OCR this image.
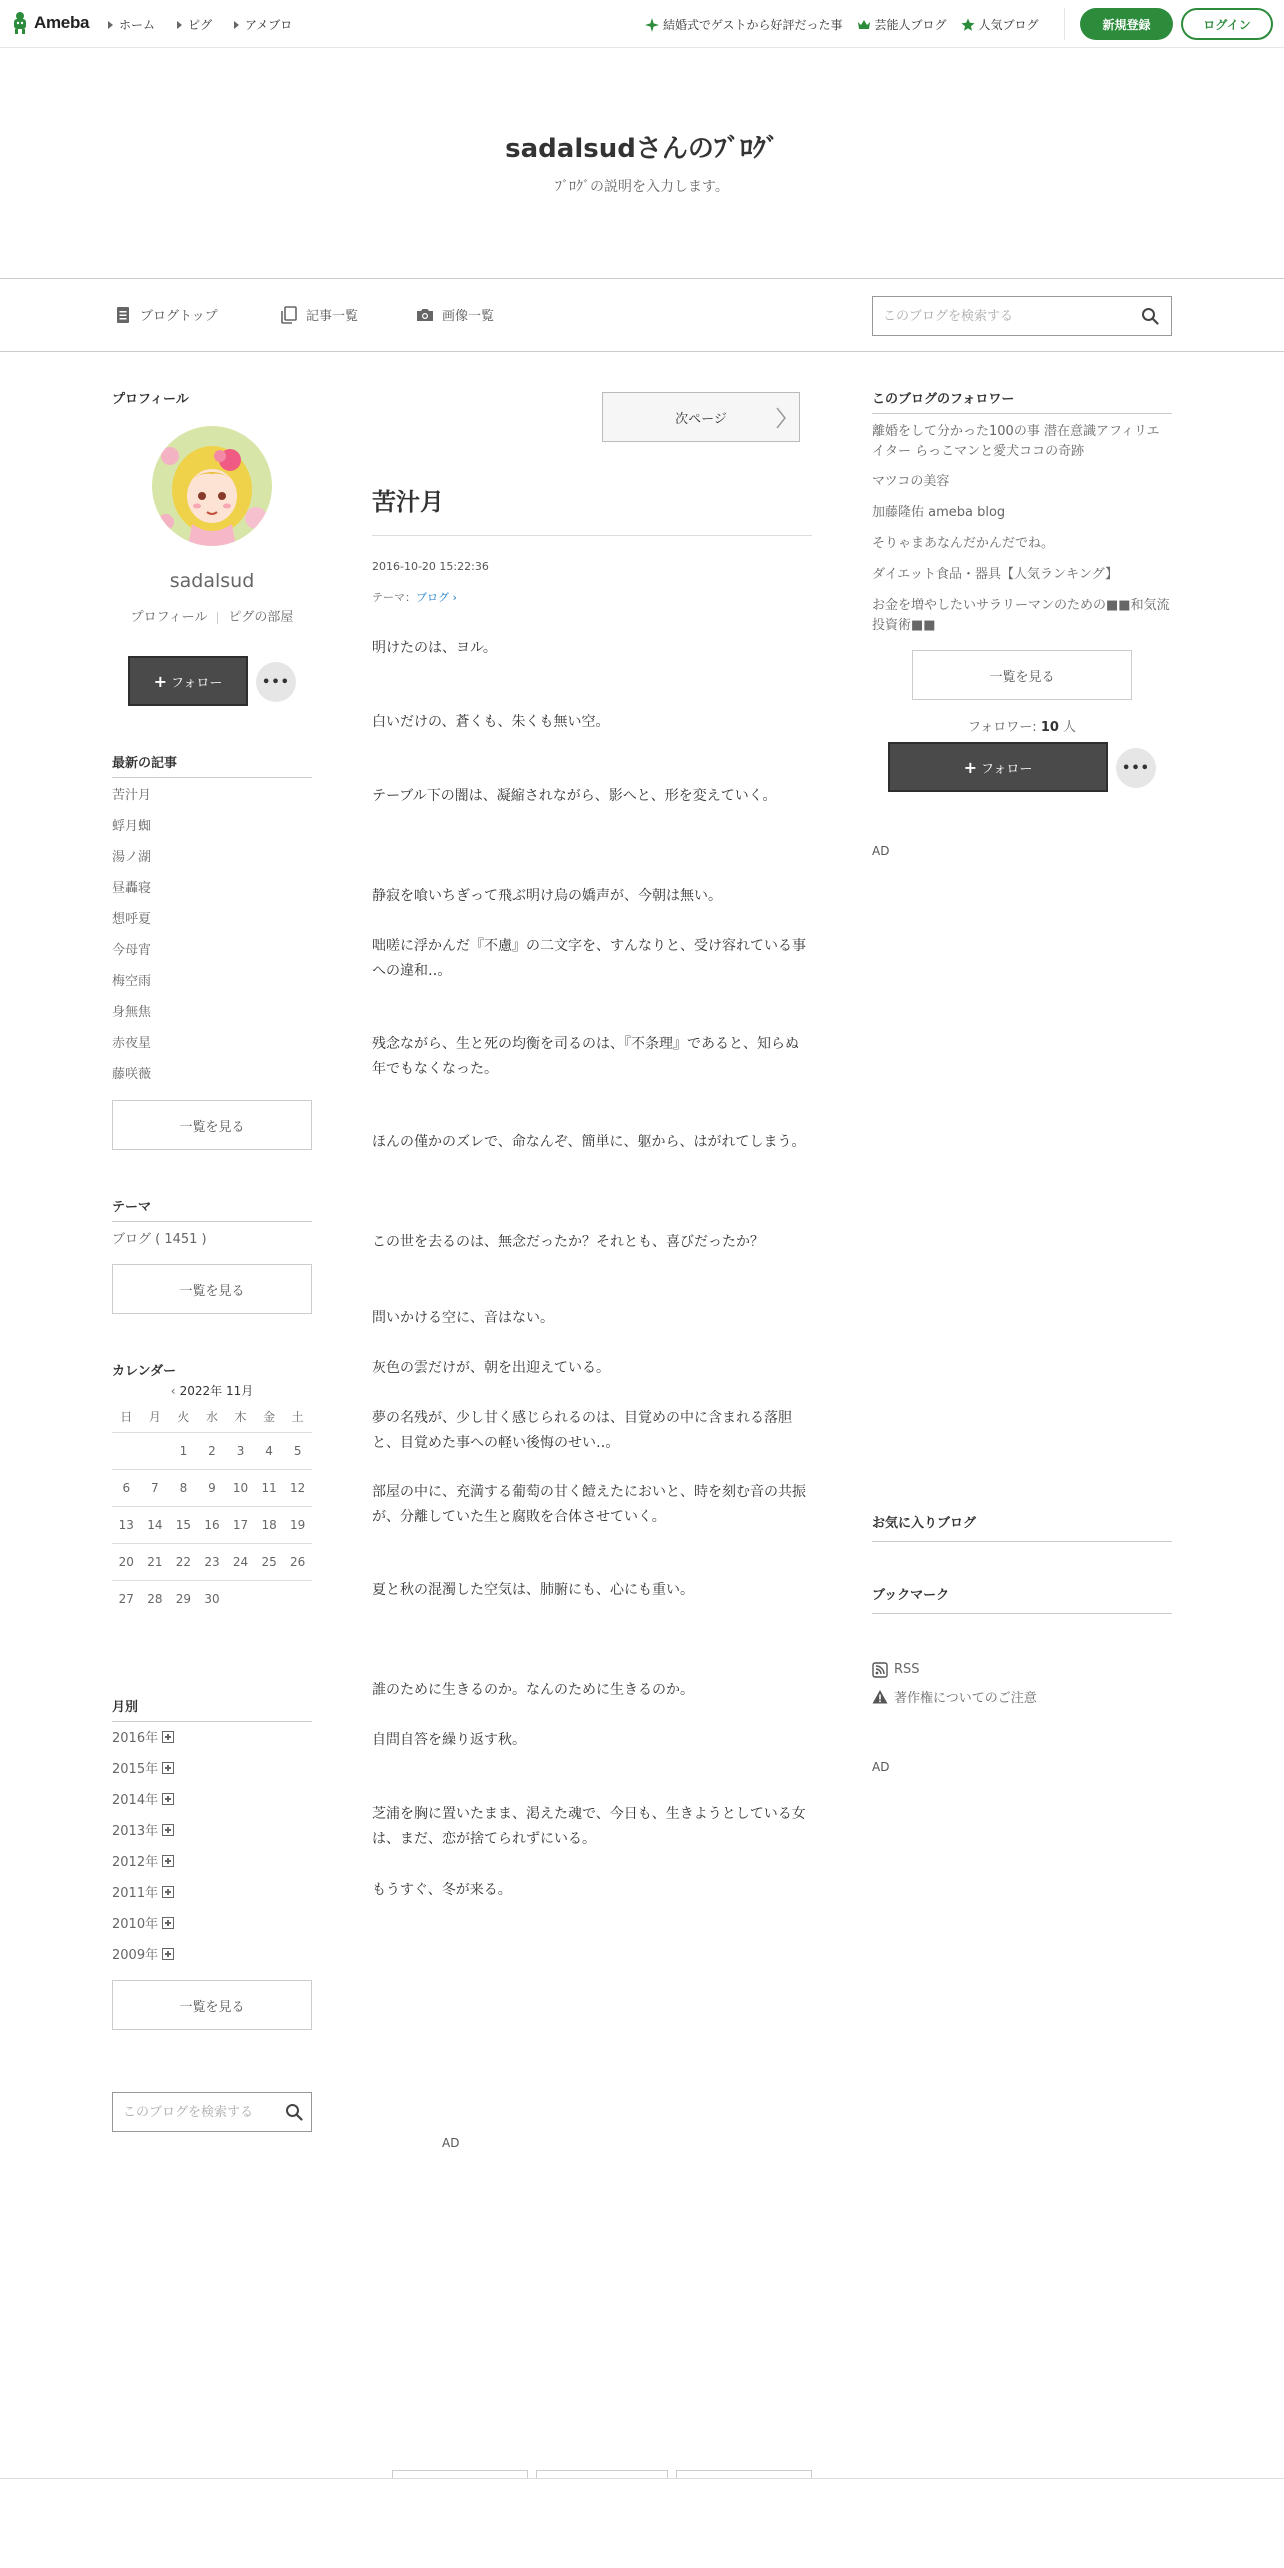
Ameba ホーム	ピグ	アメブロ	結婚式でゲストから好評だった事	芸能人ブログ	人気ブログ	新規登録	ログイン
sadalsudさんのﾌﾞﾛｸﾞ
ﾌﾞﾛｸﾞの説明を入力します。
ブログトップ	記事一覧	画像一覧
このブログを検索する
プロフィール
sadalsud
プロフィール ピグの部屋
+ フォロー	•••
最新の記事
苦汁月
蜉月蜘
湯ノ湖
昼轟寝
想呼夏
今母宵
梅空雨
身無焦
赤夜星
藤咲薇
一覧を見る
テーマ
ブログ ( 1451 )
一覧を見る
カレンダー
‹ 2022年 11月
日	月	火	水	木	金	土
		1	2	3	4	5
6	7	8	9	10	11	12
13	14	15	16	17	18	19
20	21	22	23	24	25	26
27	28	29	30			
月別
2016年
2015年
2014年
2013年
2012年
2011年
2010年
2009年
一覧を見る
このブログを検索する
AD
次ページ
苦汁月
2016-10-20 15:22:36
テーマ：ブログ ›

明けたのは、ヨル。

白いだけの、蒼くも、朱くも無い空。

テーブル下の闇は、凝縮されながら、影へと、形を変えていく。

静寂を喰いちぎって飛ぶ明け烏の嬌声が、今朝は無い。

咄嗟に浮かんだ『不慮』の二文字を、すんなりと、受け容れている事への違和‥。

残念ながら、生と死の均衡を司るのは、『不条理』であると、知らぬ年でもなくなった。

ほんの僅かのズレで、命なんぞ、簡単に、躯から、はがれてしまう。

この世を去るのは、無念だったか？それとも、喜びだったか？

問いかける空に、音はない。

灰色の雲だけが、朝を出迎えている。

夢の名残が、少し甘く感じられるのは、目覚めの中に含まれる落胆と、目覚めた事への軽い後悔のせい‥。

部屋の中に、充満する葡萄の甘く饐えたにおいと、時を刻む音の共振が、分離していた生と腐敗を合体させていく。

夏と秋の混濁した空気は、肺腑にも、心にも重い。

誰のために生きるのか。なんのために生きるのか。

自問自答を繰り返す秋。

芝浦を胸に置いたまま、渇えた魂で、今日も、生きようとしている女は、まだ、恋が捨てられずにいる。

もうすぐ、冬が来る。

このブログのフォロワー
離婚をして分かった100の事 潜在意識アフィリエイター らっこマンと愛犬ココの奇跡
マツコの美容
加藤隆佑 ameba blog
そりゃまあなんだかんだでね。
ダイエット食品・器具【人気ランキング】
お金を増やしたいサラリーマンのための■■和気流投資術■■
一覧を見る
フォロワー: 10 人
+ フォロー	•••
AD
お気に入りブログ
ブックマーク
RSS
著作権についてのご注意
AD
